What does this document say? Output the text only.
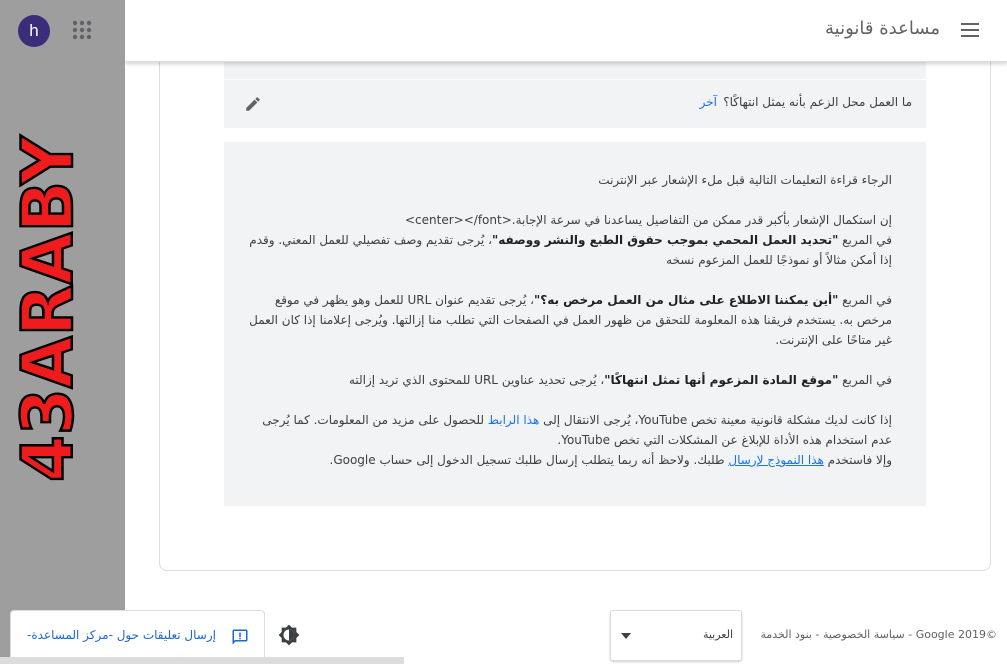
مساعدة قانونية
h
43ARABY
ما العمل محل الزعم بأنه يمثل انتهاكًا؟
آخر

الرجاء قراءة التعليمات التالية قبل ملء الإشعار عبر الإنترنت

إن استكمال الإشعار بأكبر قدر ممكن من التفاصيل يساعدنا في سرعة الإجابة.<center></font>

في المربع "تحديد العمل المحمي بموجب حقوق الطبع والنشر ووصفه"، يُرجى تقديم وصف تفصيلي للعمل المعني. وقدم إذا أمكن مثالاً أو نموذجًا للعمل المزعوم نسخه

في المربع "أين يمكننا الاطلاع على مثال من العمل مرخص به؟"، يُرجى تقديم عنوان URL للعمل وهو يظهر في موقع مرخص به. يستخدم فريقنا هذه المعلومة للتحقق من ظهور العمل في الصفحات التي تطلب منا إزالتها. ويُرجى إعلامنا إذا كان العمل غير متاحًا على الإنترنت.

في المربع "موقع المادة المزعوم أنها تمثل انتهاكًا"، يُرجى تحديد عناوين URL للمحتوى الذي تريد إزالته

إذا كانت لديك مشكلة قانونية معينة تخص YouTube، يُرجى الانتقال إلى هذا الرابط للحصول على مزيد من المعلومات. كما يُرجى عدم استخدام هذه الأداة للإبلاغ عن المشكلات التي تخص YouTube.

وإلا فاستخدم هذا النموذج لإرسال طلبك. ولاحظ أنه ربما يتطلب إرسال طلبك تسجيل الدخول إلى حساب Google.

©2019 Google - سياسة الخصوصية - بنود الخدمة
العربية
إرسال تعليقات حول -مركز المساعدة-
